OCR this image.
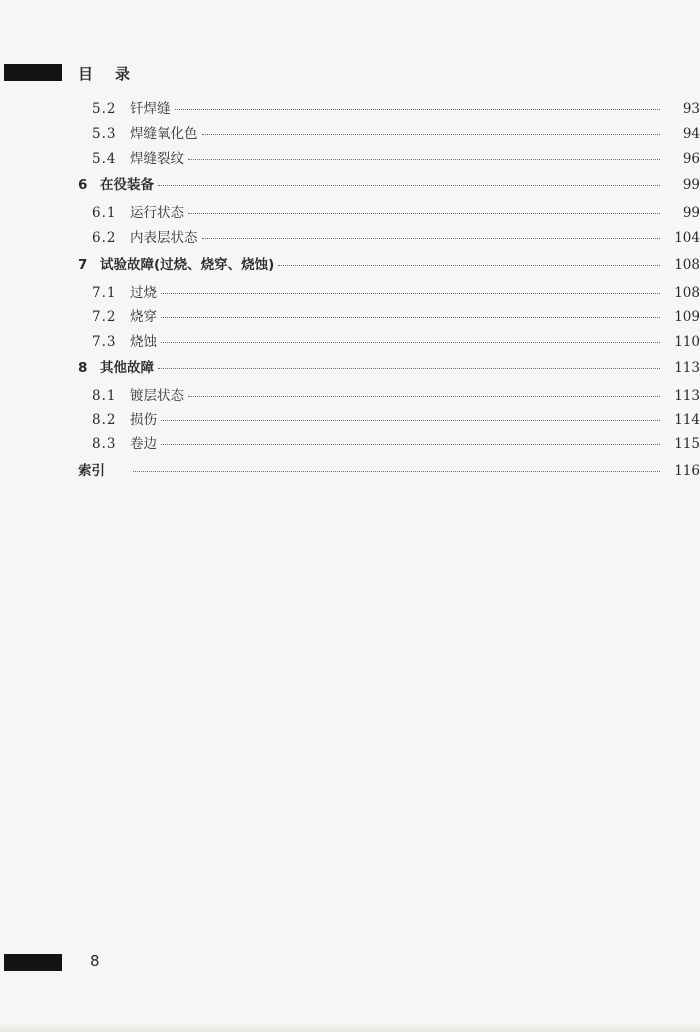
目 录
5.2	钎焊缝	93
5.3	焊缝氧化色	94
5.4	焊缝裂纹	96
6 在役装备	99
6.1	运行状态	99
6.2	内表层状态	104
7 试验故障(过烧、烧穿、烧蚀)	108
7.1	过烧	108
7.2	烧穿	109
7.3	烧蚀	110
8 其他故障	113
8.1	镀层状态	113
8.2	损伤	114
8.3	卷边	115
索引	116
8
